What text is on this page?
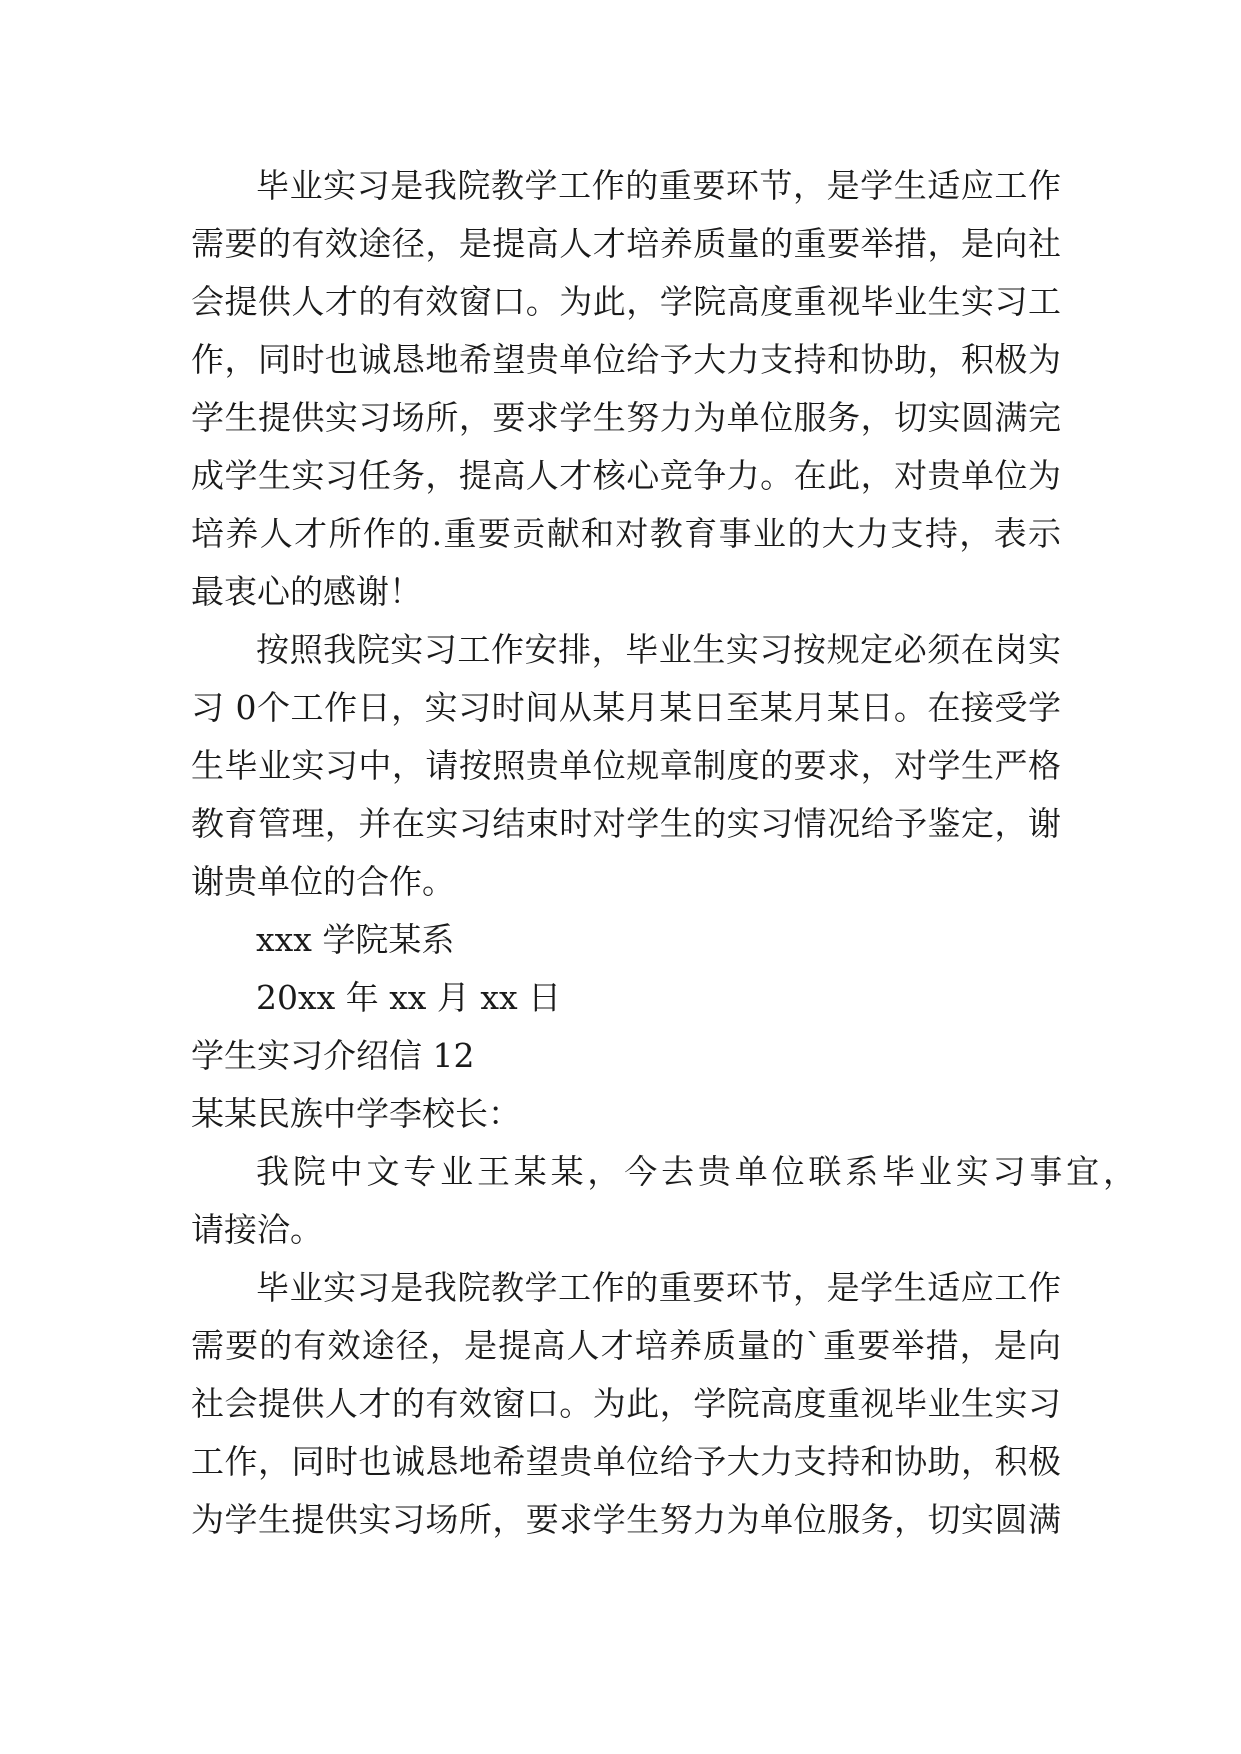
毕业实习是我院教学工作的重要环节，是学生适应工作
需要的有效途径，是提高人才培养质量的重要举措，是向社
会提供人才的有效窗口。为此，学院高度重视毕业生实习工
作，同时也诚恳地希望贵单位给予大力支持和协助，积极为
学生提供实习场所，要求学生努力为单位服务，切实圆满完
成学生实习任务，提高人才核心竞争力。在此，对贵单位为
培养人才所作的.重要贡献和对教育事业的大力支持，表示
最衷心的感谢！
按照我院实习工作安排，毕业生实习按规定必须在岗实
习 0个工作日，实习时间从某月某日至某月某日。在接受学
生毕业实习中，请按照贵单位规章制度的要求，对学生严格
教育管理，并在实习结束时对学生的实习情况给予鉴定，谢
谢贵单位的合作。
xxx 学院某系
20xx 年 xx 月 xx 日
学生实习介绍信 12
某某民族中学李校长：
我院中文专业王某某，今去贵单位联系毕业实习事宜，
请接洽。
毕业实习是我院教学工作的重要环节，是学生适应工作
需要的有效途径，是提高人才培养质量的`重要举措，是向
社会提供人才的有效窗口。为此，学院高度重视毕业生实习
工作，同时也诚恳地希望贵单位给予大力支持和协助，积极
为学生提供实习场所，要求学生努力为单位服务，切实圆满
